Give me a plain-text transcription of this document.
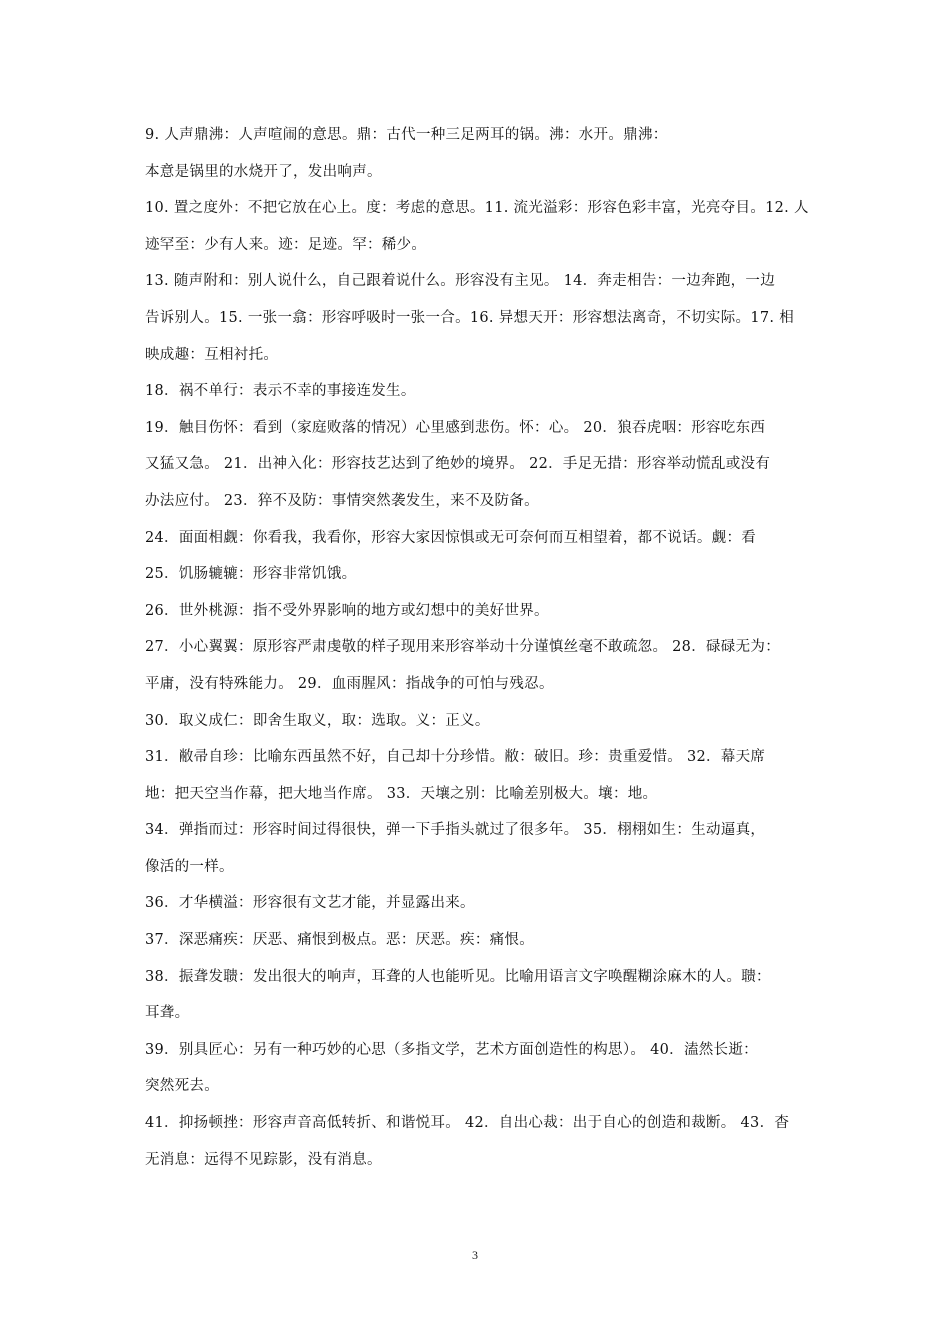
9. 人声鼎沸：人声喧闹的意思。鼎：古代一种三足两耳的锅。沸：水开。鼎沸：
本意是锅里的水烧开了，发出响声。
10. 置之度外：不把它放在心上。度：考虑的意思。11. 流光溢彩：形容色彩丰富，光亮夺目。12. 人
迹罕至：少有人来。迹：足迹。罕：稀少。
13. 随声附和：别人说什么，自己跟着说什么。形容没有主见。 14．奔走相告：一边奔跑，一边
告诉别人。15. 一张一翕：形容呼吸时一张一合。16. 异想天开：形容想法离奇，不切实际。17. 相
映成趣：互相衬托。
18．祸不单行：表示不幸的事接连发生。
19．触目伤怀：看到（家庭败落的情况）心里感到悲伤。怀：心。 20．狼吞虎咽：形容吃东西
又猛又急。 21．出神入化：形容技艺达到了绝妙的境界。 22．手足无措：形容举动慌乱或没有
办法应付。 23．猝不及防：事情突然袭发生，来不及防备。
24．面面相觑：你看我，我看你，形容大家因惊惧或无可奈何而互相望着，都不说话。觑：看
25．饥肠辘辘：形容非常饥饿。
26．世外桃源：指不受外界影响的地方或幻想中的美好世界。
27．小心翼翼：原形容严肃虔敬的样子现用来形容举动十分谨慎丝毫不敢疏忽。 28．碌碌无为：
平庸，没有特殊能力。 29．血雨腥风：指战争的可怕与残忍。
30．取义成仁：即舍生取义，取：选取。义：正义。
31．敝帚自珍：比喻东西虽然不好，自己却十分珍惜。敝：破旧。珍：贵重爱惜。 32．幕天席
地：把天空当作幕，把大地当作席。 33．天壤之别：比喻差别极大。壤：地。
34．弹指而过：形容时间过得很快，弹一下手指头就过了很多年。 35．栩栩如生：生动逼真，
像活的一样。
36．才华横溢：形容很有文艺才能，并显露出来。
37．深恶痛疾：厌恶、痛恨到极点。恶：厌恶。疾：痛恨。
38．振聋发聩：发出很大的响声，耳聋的人也能听见。比喻用语言文字唤醒糊涂麻木的人。聩：
耳聋。
39．别具匠心：另有一种巧妙的心思（多指文学，艺术方面创造性的构思）。 40．溘然长逝：
突然死去。
41．抑扬顿挫：形容声音高低转折、和谐悦耳。 42．自出心裁：出于自心的创造和裁断。 43．杳
无消息：远得不见踪影，没有消息。
3
